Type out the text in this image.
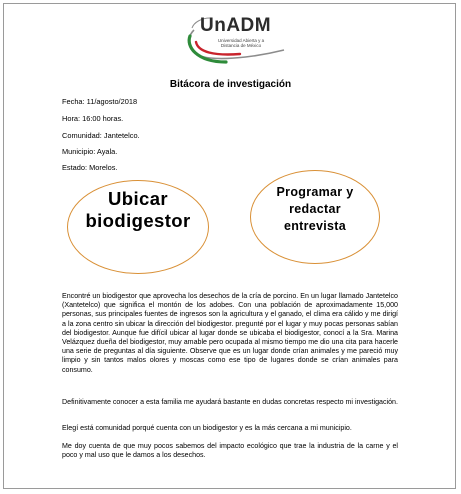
UnADM
Universidad Abierta y a Distancia de México
Bitácora de investigación
Fecha: 11/agosto/2018
Hora: 16:00 horas.
Comunidad: Jantetelco.
Municipio: Ayala.
Estado: Morelos.
Ubicar
biodigestor
Programar y
redactar
entrevista

Encontré un biodigestor que aprovecha los desechos de la cría de porcino. En un lugar llamado Jantetelco (Xantetelco) que significa el montón de los adobes. Con una población de aproximadamente 15,000 personas, sus principales fuentes de ingresos son la agricultura y el ganado, el clima era cálido y me dirigí a la zona centro sin ubicar la dirección del biodigestor. pregunté por el lugar y muy pocas personas sabían del biodigestor. Aunque fue difícil ubicar al lugar donde se ubicaba el biodigestor, conocí a la Sra. Marina Velázquez dueña del biodigestor, muy amable pero ocupada al mismo tiempo me dio una cita para hacerle una serie de preguntas al día siguiente. Observe que es un lugar donde crían animales y me pareció muy limpio y sin tantos malos olores y moscas como ese tipo de lugares donde se crían animales para consumo.

Definitivamente conocer a esta familia me ayudará bastante en dudas concretas respecto mi investigación.

Elegí está comunidad porqué cuenta con un biodigestor y es la más cercana a mi municipio.

Me doy cuenta de que muy pocos sabemos del impacto ecológico que trae la industria de la carne y el poco y mal uso que le damos a los desechos.
